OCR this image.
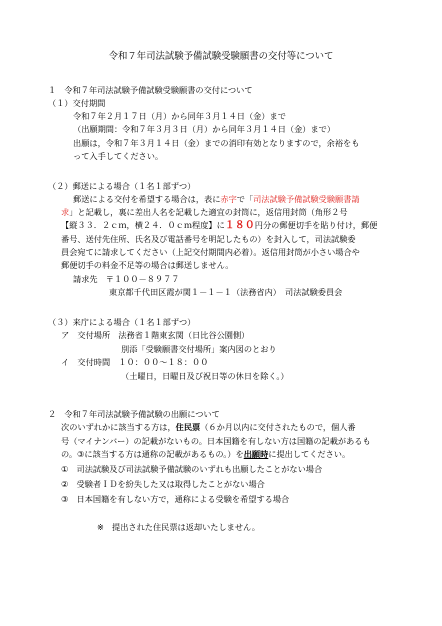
令和７年司法試験予備試験受験願書の交付等について
１　令和７年司法試験予備試験受験願書の交付について
（１）交付期間
令和７年２月１７日（月）から同年３月１４日（金）まで
（出願期間：令和７年３月３日（月）から同年３月１４日（金）まで）
出願は，令和７年３月１４日（金）までの消印有効となりますので，余裕をも
って入手してください。
（２）郵送による場合（１名１部ずつ）
郵送による交付を希望する場合は，表に赤字で「司法試験予備試験受験願書請
求」と記載し，裏に差出人名を記載した適宜の封筒に，返信用封筒（角形２号
【縦３３．２ｃｍ，横２４．０ｃｍ程度】に１８０円分の郵便切手を貼り付け，郵便
番号、送付先住所、氏名及び電話番号を明記したもの）を封入して，司法試験委
員会宛てに請求してください（上記交付期間内必着）。返信用封筒が小さい場合や
郵便切手の料金不足等の場合は郵送しません。
請求先　〒１００－８９７７
東京都千代田区霞が関１－１－１（法務省内）　司法試験委員会
（３）来庁による場合（１名１部ずつ）
ア　交付場所　法務省１階東玄関（日比谷公園側）
別添「受験願書交付場所」案内図のとおり
イ　交付時間　１０：００～１８：００
（土曜日，日曜日及び祝日等の休日を除く。）
２　令和７年司法試験予備試験の出願について
次のいずれかに該当する方は，住民票（６か月以内に交付されたもので，個人番
号（マイナンバー）の記載がないもの。日本国籍を有しない方は国籍の記載があるも
の。③に該当する方は通称の記載があるもの。）を出願時に提出してください。
①　司法試験及び司法試験予備試験のいずれも出願したことがない場合
②　受験者ＩＤを紛失した又は取得したことがない場合
③　日本国籍を有しない方で，通称による受験を希望する場合
※　提出された住民票は返却いたしません。
